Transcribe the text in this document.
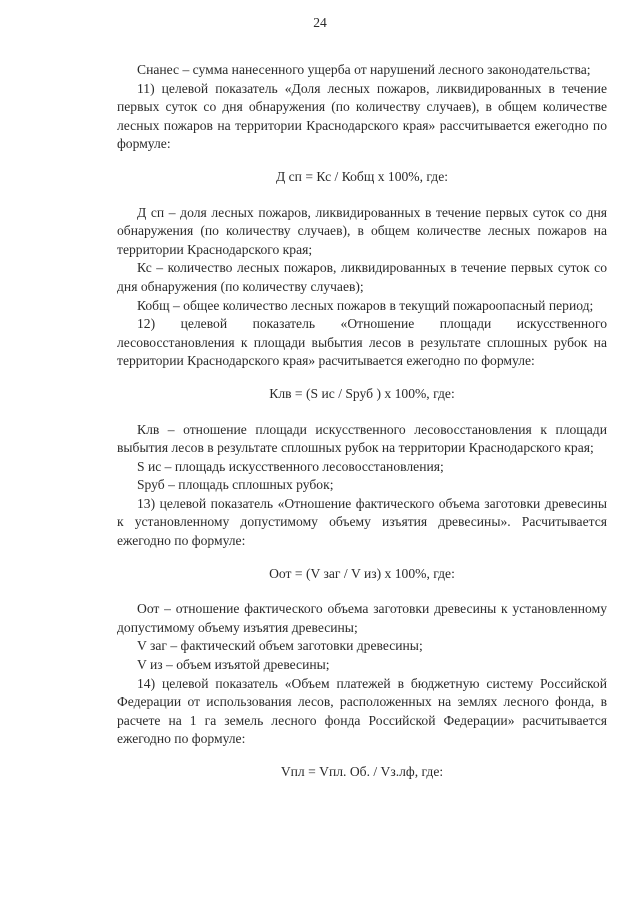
24

Снанес – сумма нанесенного ущерба от нарушений лесного законодательства;

11) целевой показатель «Доля лесных пожаров, ликвидированных в течение первых суток со дня обнаружения (по количеству случаев), в общем количестве лесных пожаров на территории Краснодарского края» рассчитывается ежегодно по формуле:

Д сп = Кс / Кобщ х 100%, где:

Д сп – доля лесных пожаров, ликвидированных в течение первых суток со дня обнаружения (по количеству случаев), в общем количестве лесных пожаров на территории Краснодарского края;

Кс – количество лесных пожаров, ликвидированных в течение первых суток со дня обнаружения (по количеству случаев);

Кобщ – общее количество лесных пожаров в текущий пожароопасный период;

12) целевой показатель «Отношение площади искусственного лесовосстановления к площади выбытия лесов в результате сплошных рубок на территории Краснодарского края» расчитывается ежегодно по формуле:

Клв = (S ис / Sруб ) х 100%, где:

Клв – отношение площади искусственного лесовосстановления к площади выбытия лесов в результате сплошных рубок на территории Краснодарского края;

S ис – площадь искусственного лесовосстановления;

Sруб – площадь сплошных рубок;

13) целевой показатель «Отношение фактического объема заготовки древесины к установленному допустимому объему изъятия древесины». Расчитывается ежегодно по формуле:

Оот = (V заг / V из) х 100%, где:

Оот – отношение фактического объема заготовки древесины к установленному допустимому объему изъятия древесины;

V заг – фактический объем заготовки древесины;

V из – объем изъятой древесины;

14) целевой показатель «Объем платежей в бюджетную систему Российской Федерации от использования лесов, расположенных на землях лесного фонда, в расчете на 1 га земель лесного фонда Российской Федерации» расчитывается ежегодно по формуле:

Vпл = Vпл. Об. / Vз.лф, где:
